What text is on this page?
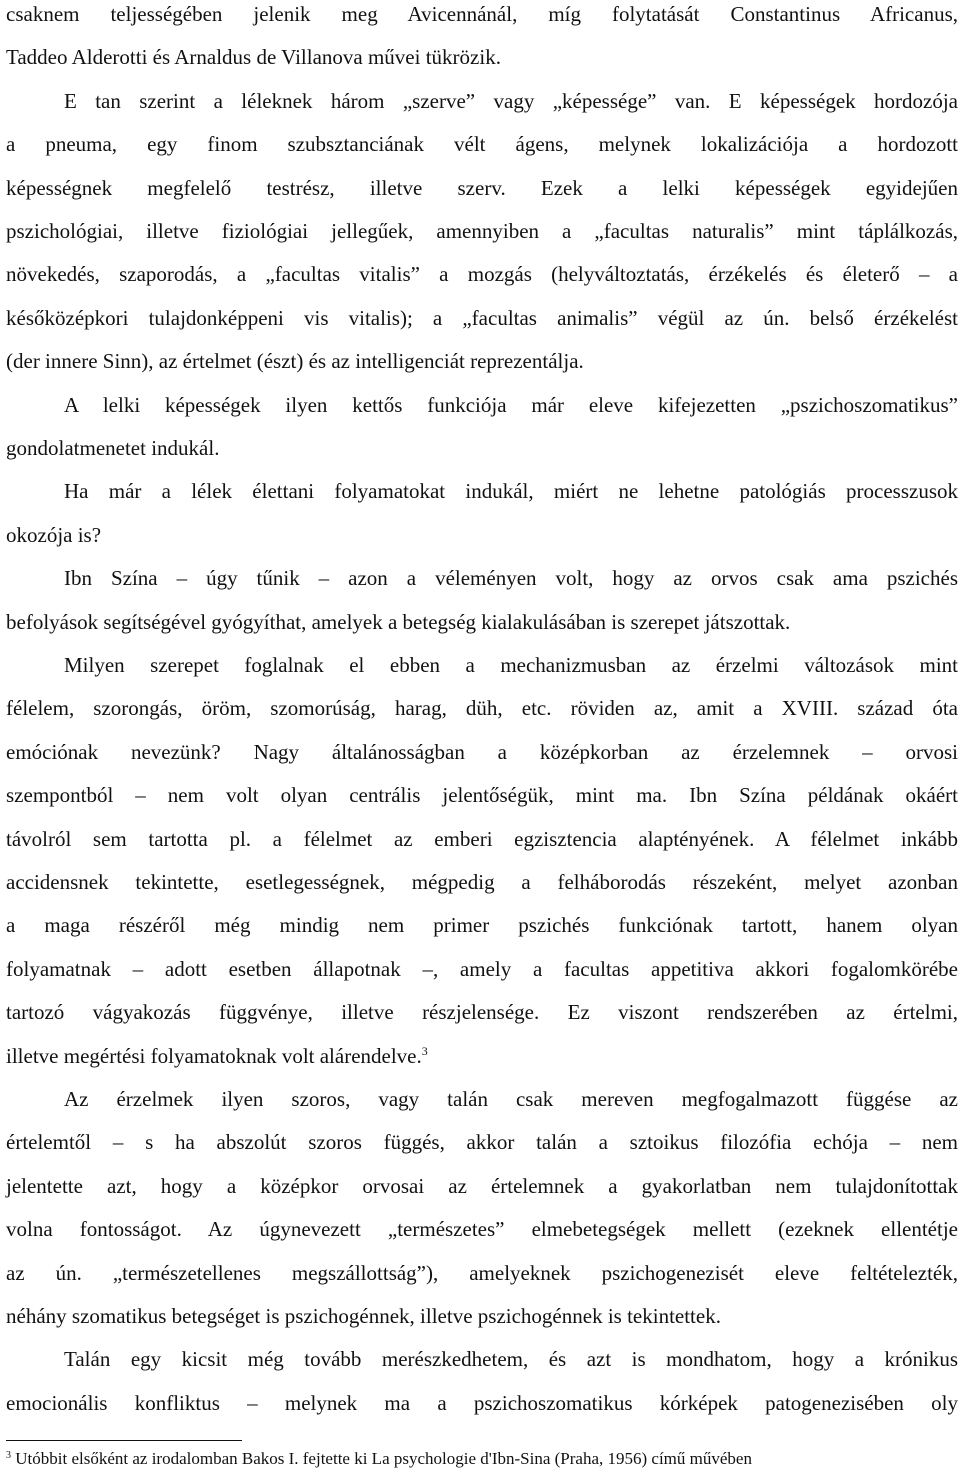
csaknem teljességében jelenik meg Avicennánál, míg folytatását Constantinus Africanus,
Taddeo Alderotti és Arnaldus de Villanova művei tükrözik.
E tan szerint a léleknek három „szerve” vagy „képessége” van. E képességek hordozója
a pneuma, egy finom szubsztanciának vélt ágens, melynek lokalizációja a hordozott
képességnek megfelelő testrész, illetve szerv. Ezek a lelki képességek egyidejűen
pszichológiai, illetve fiziológiai jellegűek, amennyiben a „facultas naturalis” mint táplálkozás,
növekedés, szaporodás, a „facultas vitalis” a mozgás (helyváltoztatás, érzékelés és életerő – a
későközépkori tulajdonképpeni vis vitalis); a „facultas animalis” végül az ún. belső érzékelést
(der innere Sinn), az értelmet (észt) és az intelligenciát reprezentálja.
A lelki képességek ilyen kettős funkciója már eleve kifejezetten „pszichoszomatikus”
gondolatmenetet indukál.
Ha már a lélek élettani folyamatokat indukál, miért ne lehetne patológiás processzusok
okozója is?
Ibn Szína – úgy tűnik – azon a véleményen volt, hogy az orvos csak ama pszichés
befolyások segítségével gyógyíthat, amelyek a betegség kialakulásában is szerepet játszottak.
Milyen szerepet foglalnak el ebben a mechanizmusban az érzelmi változások mint
félelem, szorongás, öröm, szomorúság, harag, düh, etc. röviden az, amit a XVIII. század óta
emóciónak nevezünk? Nagy általánosságban a középkorban az érzelemnek – orvosi
szempontból – nem volt olyan centrális jelentőségük, mint ma. Ibn Szína példának okáért
távolról sem tartotta pl. a félelmet az emberi egzisztencia alaptényének. A félelmet inkább
accidensnek tekintette, esetlegességnek, mégpedig a felháborodás részeként, melyet azonban
a maga részéről még mindig nem primer pszichés funkciónak tartott, hanem olyan
folyamatnak – adott esetben állapotnak –, amely a facultas appetitiva akkori fogalomkörébe
tartozó vágyakozás függvénye, illetve részjelensége. Ez viszont rendszerében az értelmi,
illetve megértési folyamatoknak volt alárendelve.$^3$
Az érzelmek ilyen szoros, vagy talán csak mereven megfogalmazott függése az
értelemtől – s ha abszolút szoros függés, akkor talán a sztoikus filozófia echója – nem
jelentette azt, hogy a középkor orvosai az értelemnek a gyakorlatban nem tulajdonítottak
volna fontosságot. Az úgynevezett „természetes” elmebetegségek mellett (ezeknek ellentétje
az ún. „természetellenes megszállottság”), amelyeknek pszichogenezisét eleve feltételezték,
néhány szomatikus betegséget is pszichogénnek, illetve pszichogénnek is tekintettek.
Talán egy kicsit még tovább merészkedhetem, és azt is mondhatom, hogy a krónikus
emocionális konfliktus – melynek ma a pszichoszomatikus kórképek patogenezisében oly
$^3$ Utóbbit elsőként az irodalomban Bakos I. fejtette ki La psychologie d'Ibn-Sina (Praha, 1956) című művében
